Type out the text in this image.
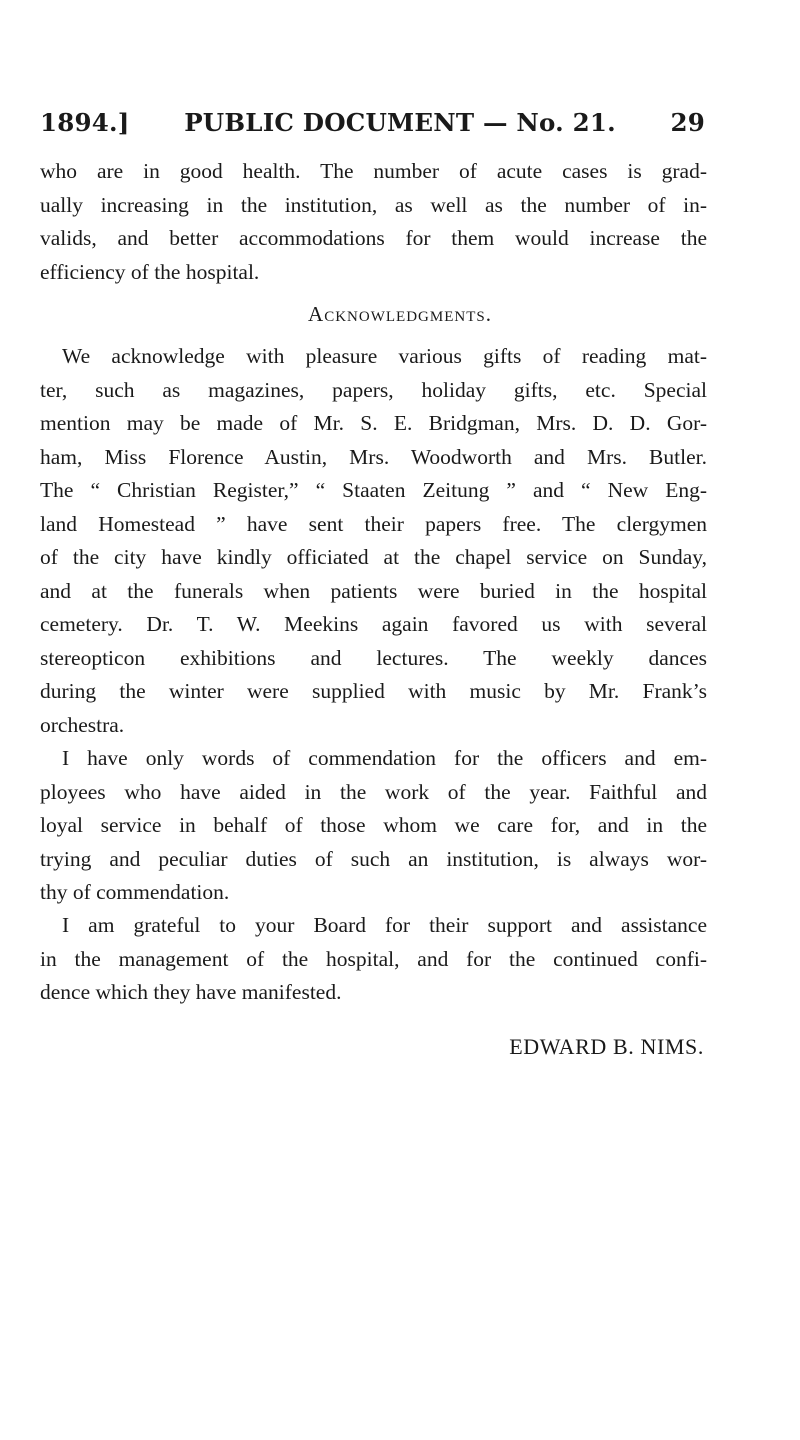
1894.] PUBLIC DOCUMENT — No. 21. 29
who are in good health. The number of acute cases is grad-
ually increasing in the institution, as well as the number of in-
valids, and better accommodations for them would increase the
efficiency of the hospital.
Acknowledgments.
We acknowledge with pleasure various gifts of reading mat-
ter, such as magazines, papers, holiday gifts, etc. Special
mention may be made of Mr. S. E. Bridgman, Mrs. D. D. Gor-
ham, Miss Florence Austin, Mrs. Woodworth and Mrs. Butler.
The “ Christian Register,” “ Staaten Zeitung ” and “ New Eng-
land Homestead ” have sent their papers free. The clergymen
of the city have kindly officiated at the chapel service on Sunday,
and at the funerals when patients were buried in the hospital
cemetery. Dr. T. W. Meekins again favored us with several
stereopticon exhibitions and lectures. The weekly dances
during the winter were supplied with music by Mr. Frank’s
orchestra.
I have only words of commendation for the officers and em-
ployees who have aided in the work of the year. Faithful and
loyal service in behalf of those whom we care for, and in the
trying and peculiar duties of such an institution, is always wor-
thy of commendation.
I am grateful to your Board for their support and assistance
in the management of the hospital, and for the continued confi-
dence which they have manifested.
EDWARD B. NIMS.
